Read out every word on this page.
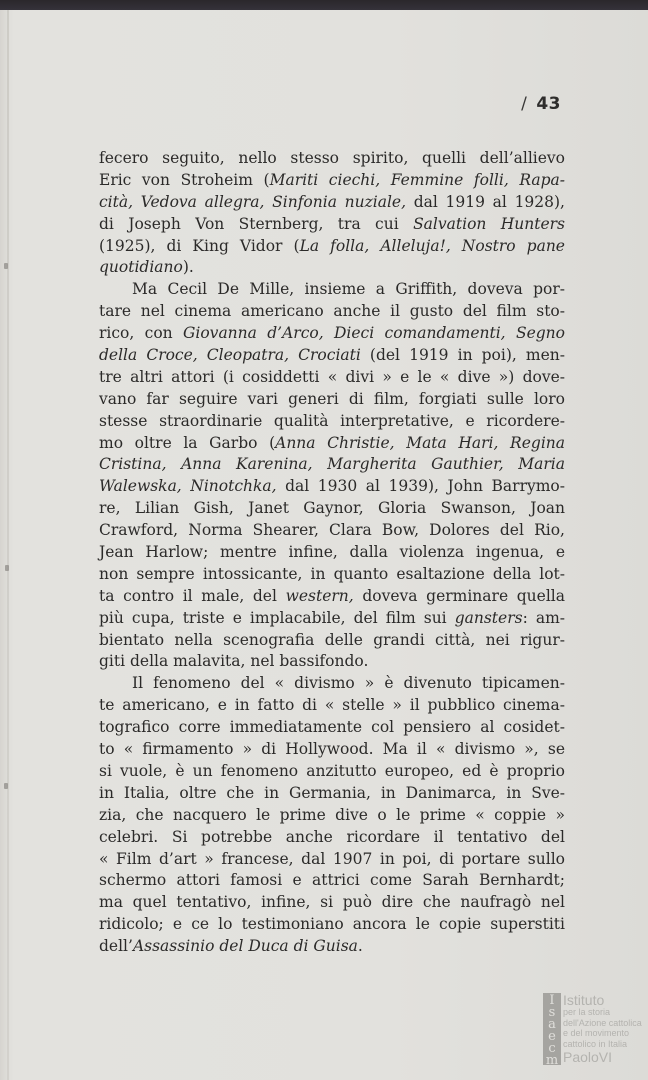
/ 43

fecero seguito, nello stesso spirito, quelli dell’allievo
Eric von Stroheim (Mariti ciechi, Femmine folli, Rapa-
cità, Vedova allegra, Sinfonia nuziale, dal 1919 al 1928),
di Joseph Von Sternberg, tra cui Salvation Hunters
(1925), di King Vidor (La folla, Alleluja!, Nostro pane
quotidiano).

Ma Cecil De Mille, insieme a Griffith, doveva por-
tare nel cinema americano anche il gusto del film sto-
rico, con Giovanna d’Arco, Dieci comandamenti, Segno
della Croce, Cleopatra, Crociati (del 1919 in poi), men-
tre altri attori (i cosiddetti « divi » e le « dive ») dove-
vano far seguire vari generi di film, forgiati sulle loro
stesse straordinarie qualità interpretative, e ricordere-
mo oltre la Garbo (Anna Christie, Mata Hari, Regina
Cristina, Anna Karenina, Margherita Gauthier, Maria
Walewska, Ninotchka, dal 1930 al 1939), John Barrymo-
re, Lilian Gish, Janet Gaynor, Gloria Swanson, Joan
Crawford, Norma Shearer, Clara Bow, Dolores del Rio,
Jean Harlow; mentre infine, dalla violenza ingenua, e
non sempre intossicante, in quanto esaltazione della lot-
ta contro il male, del western, doveva germinare quella
più cupa, triste e implacabile, del film sui gansters: am-
bientato nella scenografia delle grandi città, nei rigur-
giti della malavita, nel bassifondo.

Il fenomeno del « divismo » è divenuto tipicamen-
te americano, e in fatto di « stelle » il pubblico cinema-
tografico corre immediatamente col pensiero al cosidet-
to « firmamento » di Hollywood. Ma il « divismo », se
si vuole, è un fenomeno anzitutto europeo, ed è proprio
in Italia, oltre che in Germania, in Danimarca, in Sve-
zia, che nacquero le prime dive o le prime « coppie »
celebri. Si potrebbe anche ricordare il tentativo del
« Film d’art » francese, dal 1907 in poi, di portare sullo
schermo attori famosi e attrici come Sarah Bernhardt;
ma quel tentativo, infine, si può dire che naufragò nel
ridicolo; e ce lo testimoniano ancora le copie superstiti
dell’Assassinio del Duca di Guisa.

I
s
a
e
c
m
Istituto
per la storia
dell'Azione cattolica
e del movimento
cattolico in Italia
PaoloVI
